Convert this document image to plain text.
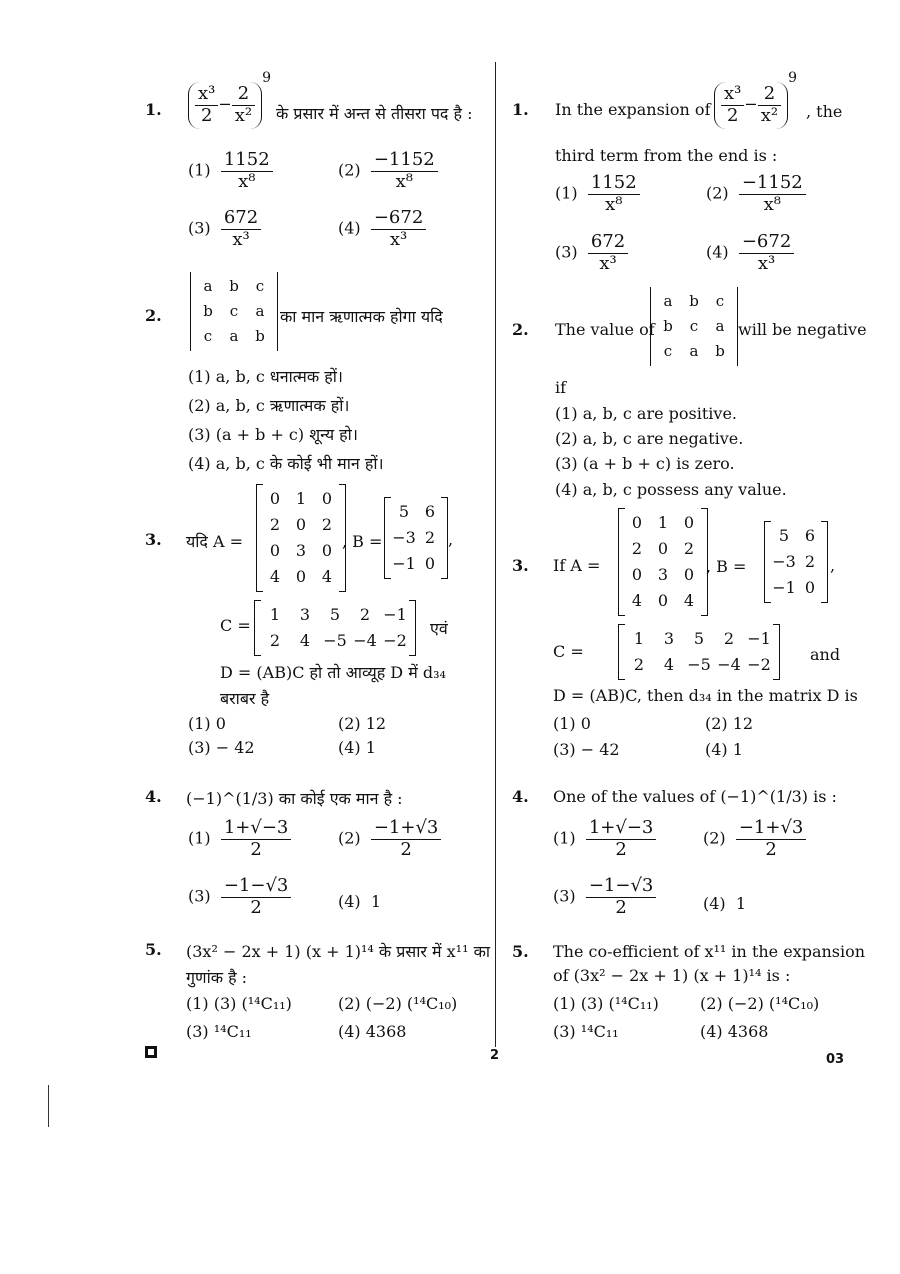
1. $\frac{\text{x³}}{2} - \frac{2}{\text{x²}}$
9
के प्रसार में अन्त से तीसरा पद है :
$(1) \frac{1152}{\text{x⁸}}$	$(2) \frac{-1152}{\text{x⁸}}$
$(3) \frac{672}{\text{x³}}$	$(4) \frac{-672}{\text{x³}}$
2.
a	b	c
b	c	a
c	a	b
का मान ऋणात्मक होगा यदि
(1) a, b, c धनात्मक हों।
(2) a, b, c ऋणात्मक हों।
(3) (a + b + c) शून्य हो।
(4) a, b, c के कोई भी मान हों।
3. यदि A =
0 1 0
2 0 2
0 3 0
4 0 4
, B =
5 6
−3 2
−1 0
,
C =
1	3	5	2 −1
2	4 −5 −4 −2
एवं
D = (AB)C हो तो आव्यूह D में d₃₄
बराबर है
(1) 0	(2) 12
(3) − 42	(4) 1
4. (−1)^(1/3) का कोई एक मान है :
$(1) \frac{1+√-3}{2}$	$(2) \frac{-1+√3}{2}$
$(3) \frac{-1-√3}{2}$	(4) 1
5. (3x² − 2x + 1) (x + 1)¹⁴ के प्रसार में x¹¹ का
गुणांक है :
(1) (3) (¹⁴C₁₁)	(2) (−2) (¹⁴C₁₀)
(3) ¹⁴C₁₁	(4) 4368
1. In the expansion of $\frac{\text{x³}}{2} - \frac{2}{\text{x²}}$
9
, the
third term from the end is :
$(1) \frac{1152}{\text{x⁸}}$	$(2) \frac{-1152}{\text{x⁸}}$
$(3) \frac{672}{\text{x³}}$	$(4) \frac{-672}{\text{x³}}$
2. The value of
a	b	c
b	c	a
c	a	b
will be negative
if
(1) a, b, c are positive.
(2) a, b, c are negative.
(3) (a + b + c) is zero.
(4) a, b, c possess any value.
3. If A =
0 1 0
2 0 2
0 3 0
4 0 4
, B =
5 6
−3 2
−1 0
,
C =
1	3	5	2 −1
2	4 −5 −4 −2
and
D = (AB)C, then d₃₄ in the matrix D is
(1) 0	(2) 12
(3) − 42	(4) 1
4. One of the values of (−1)^(1/3) is :
$(1) \frac{1+√-3}{2}$	$(2) \frac{-1+√3}{2}$
$(3) \frac{-1-√3}{2}$	(4) 1
5. The co-efficient of x¹¹ in the expansion
of (3x² − 2x + 1) (x + 1)¹⁴ is :
(1) (3) (¹⁴C₁₁)	(2) (−2) (¹⁴C₁₀)
(3) ¹⁴C₁₁	(4) 4368
2	03
